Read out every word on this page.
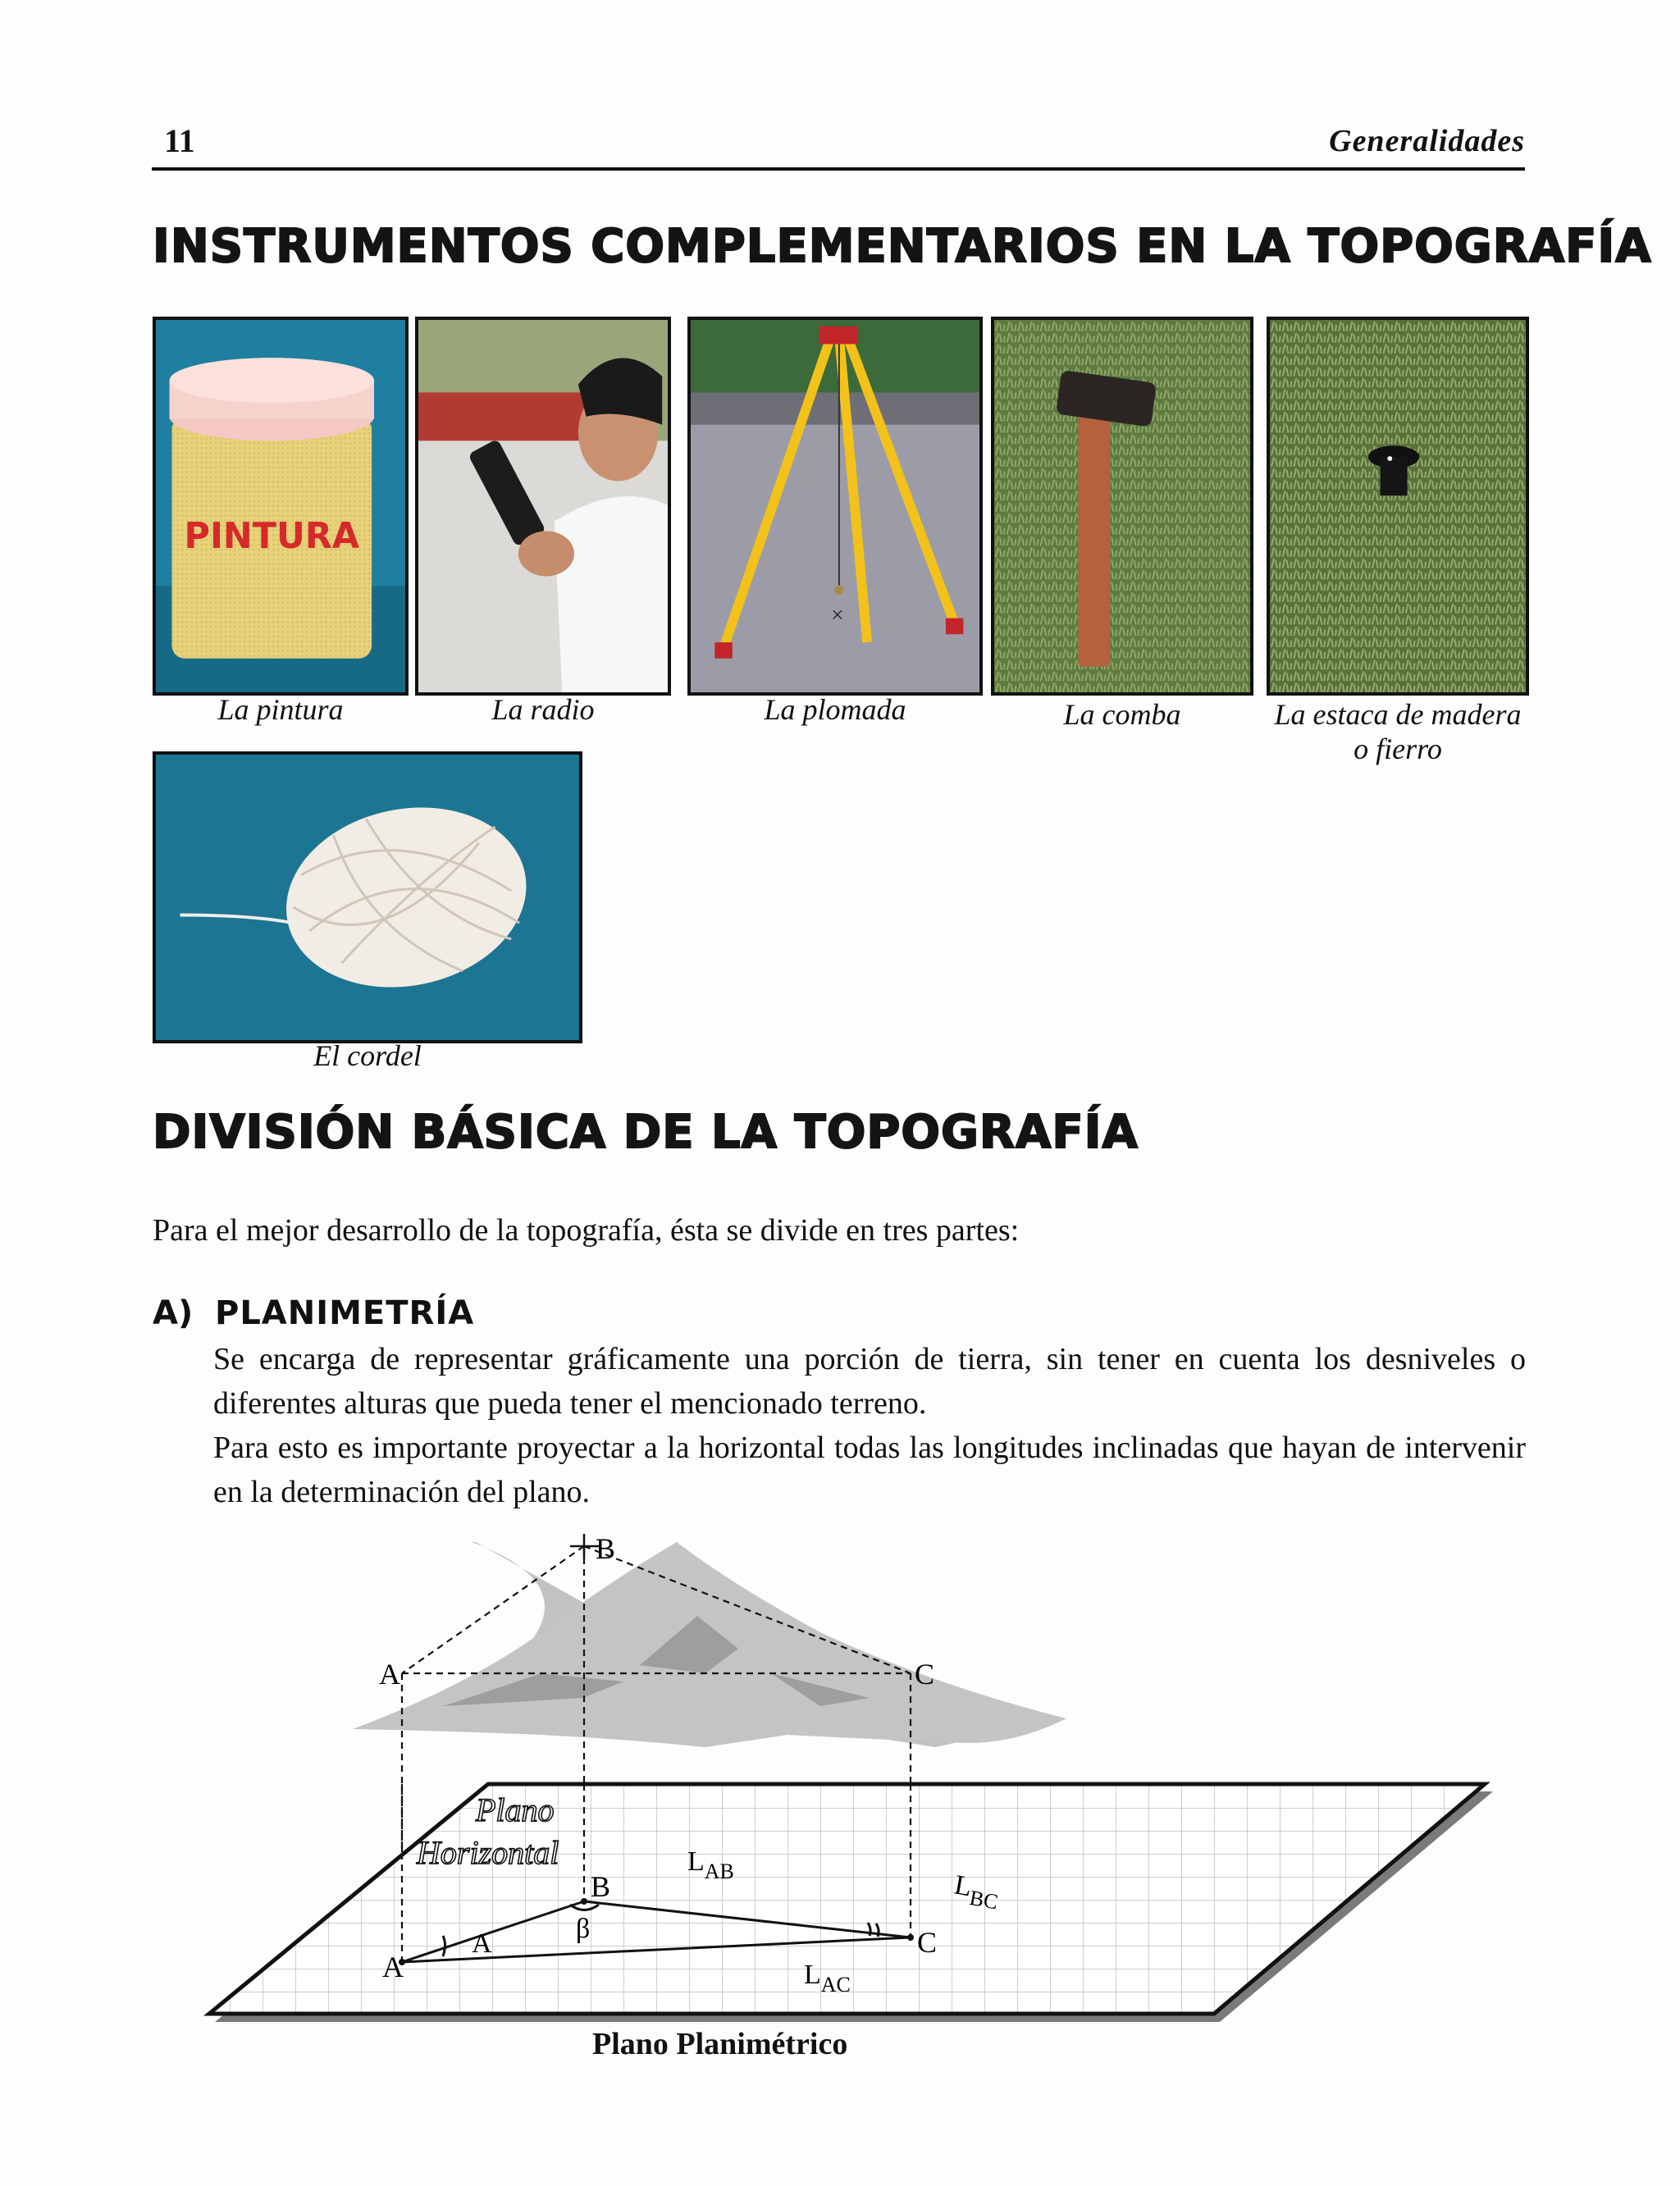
11	Generalidades
INSTRUMENTOS COMPLEMENTARIOS EN LA TOPOGRAFÍA
PINTURA
×
La pintura	La radio	La plomada	La comba	La estaca de madera
o fierro
El cordel
DIVISIÓN BÁSICA DE LA TOPOGRAFÍA
Para el mejor desarrollo de la topografía, ésta se divide en tres partes:
A) PLANIMETRÍA

Se encarga de representar gráficamente una porción de tierra, sin tener en cuenta los desniveles o diferentes alturas que pueda tener el mencionado terreno.

Para esto es importante proyectar a la horizontal todas las longitudes inclinadas que hayan de intervenir en la determinación del plano.

B
A	C
A
B
C
A	β
$L_{AB}$	$L_{BC}$
$L_{AC}$
Plano
Horizontal
Plano Planimétrico
